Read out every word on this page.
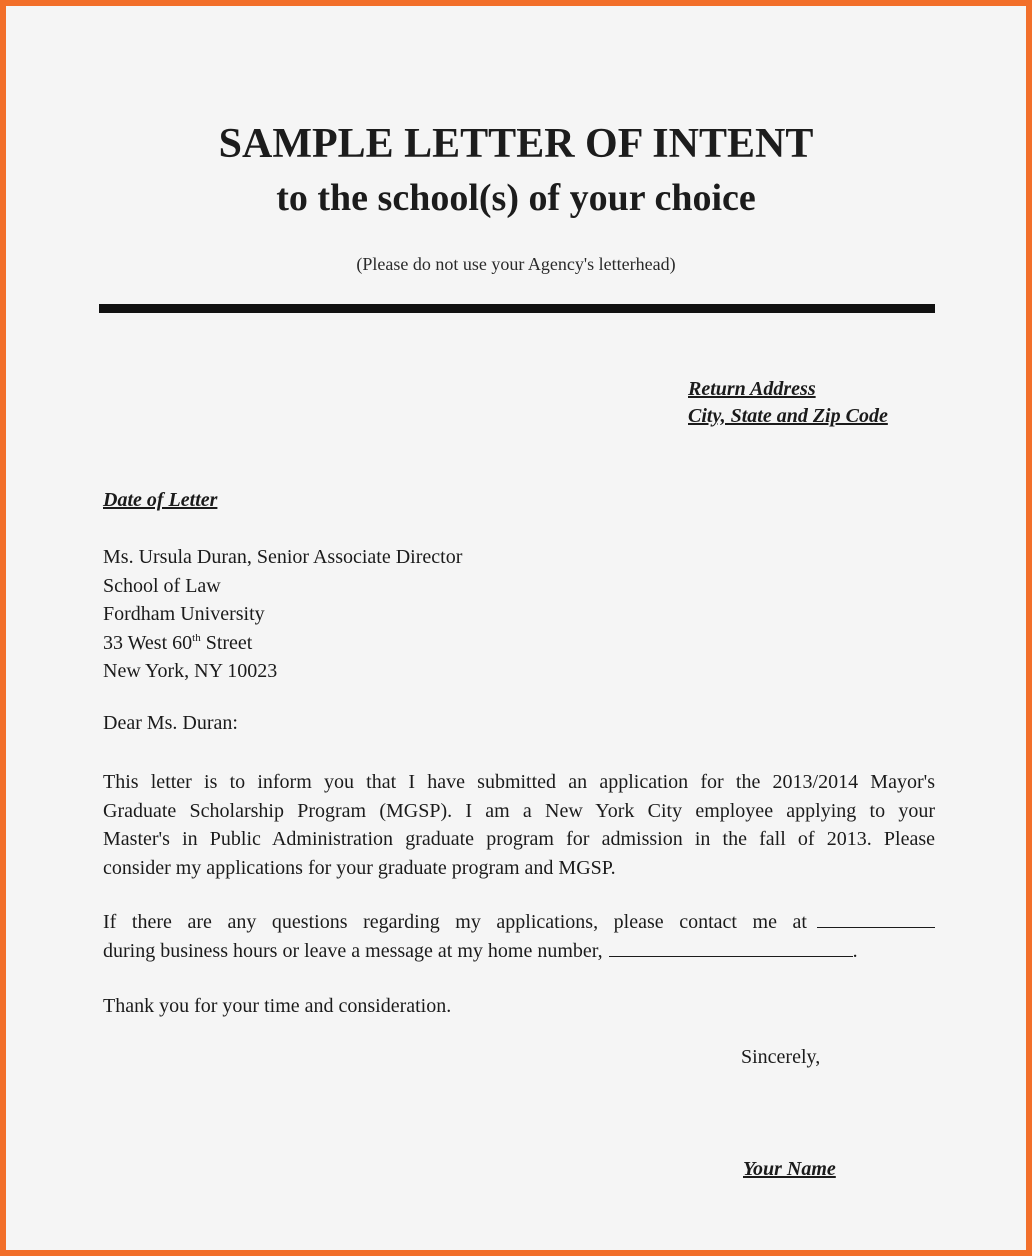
SAMPLE LETTER OF INTENT
to the school(s) of your choice

(Please do not use your Agency's letterhead)

Return Address
City, State and Zip Code
Date of Letter
Ms. Ursula Duran, Senior Associate Director
School of Law
Fordham University
33 West 60th Street
New York, NY 10023
Dear Ms. Duran:
This letter is to inform you that I have submitted an application for the 2013/2014 Mayor's
Graduate Scholarship Program (MGSP). I am a New York City employee applying to your
Master's in Public Administration graduate program for admission in the fall of 2013. Please
consider my applications for your graduate program and MGSP.
If there are any questions regarding my applications, please contact me at
during business hours or leave a message at my home number,	.
Thank you for your time and consideration.
Sincerely,
Your Name
